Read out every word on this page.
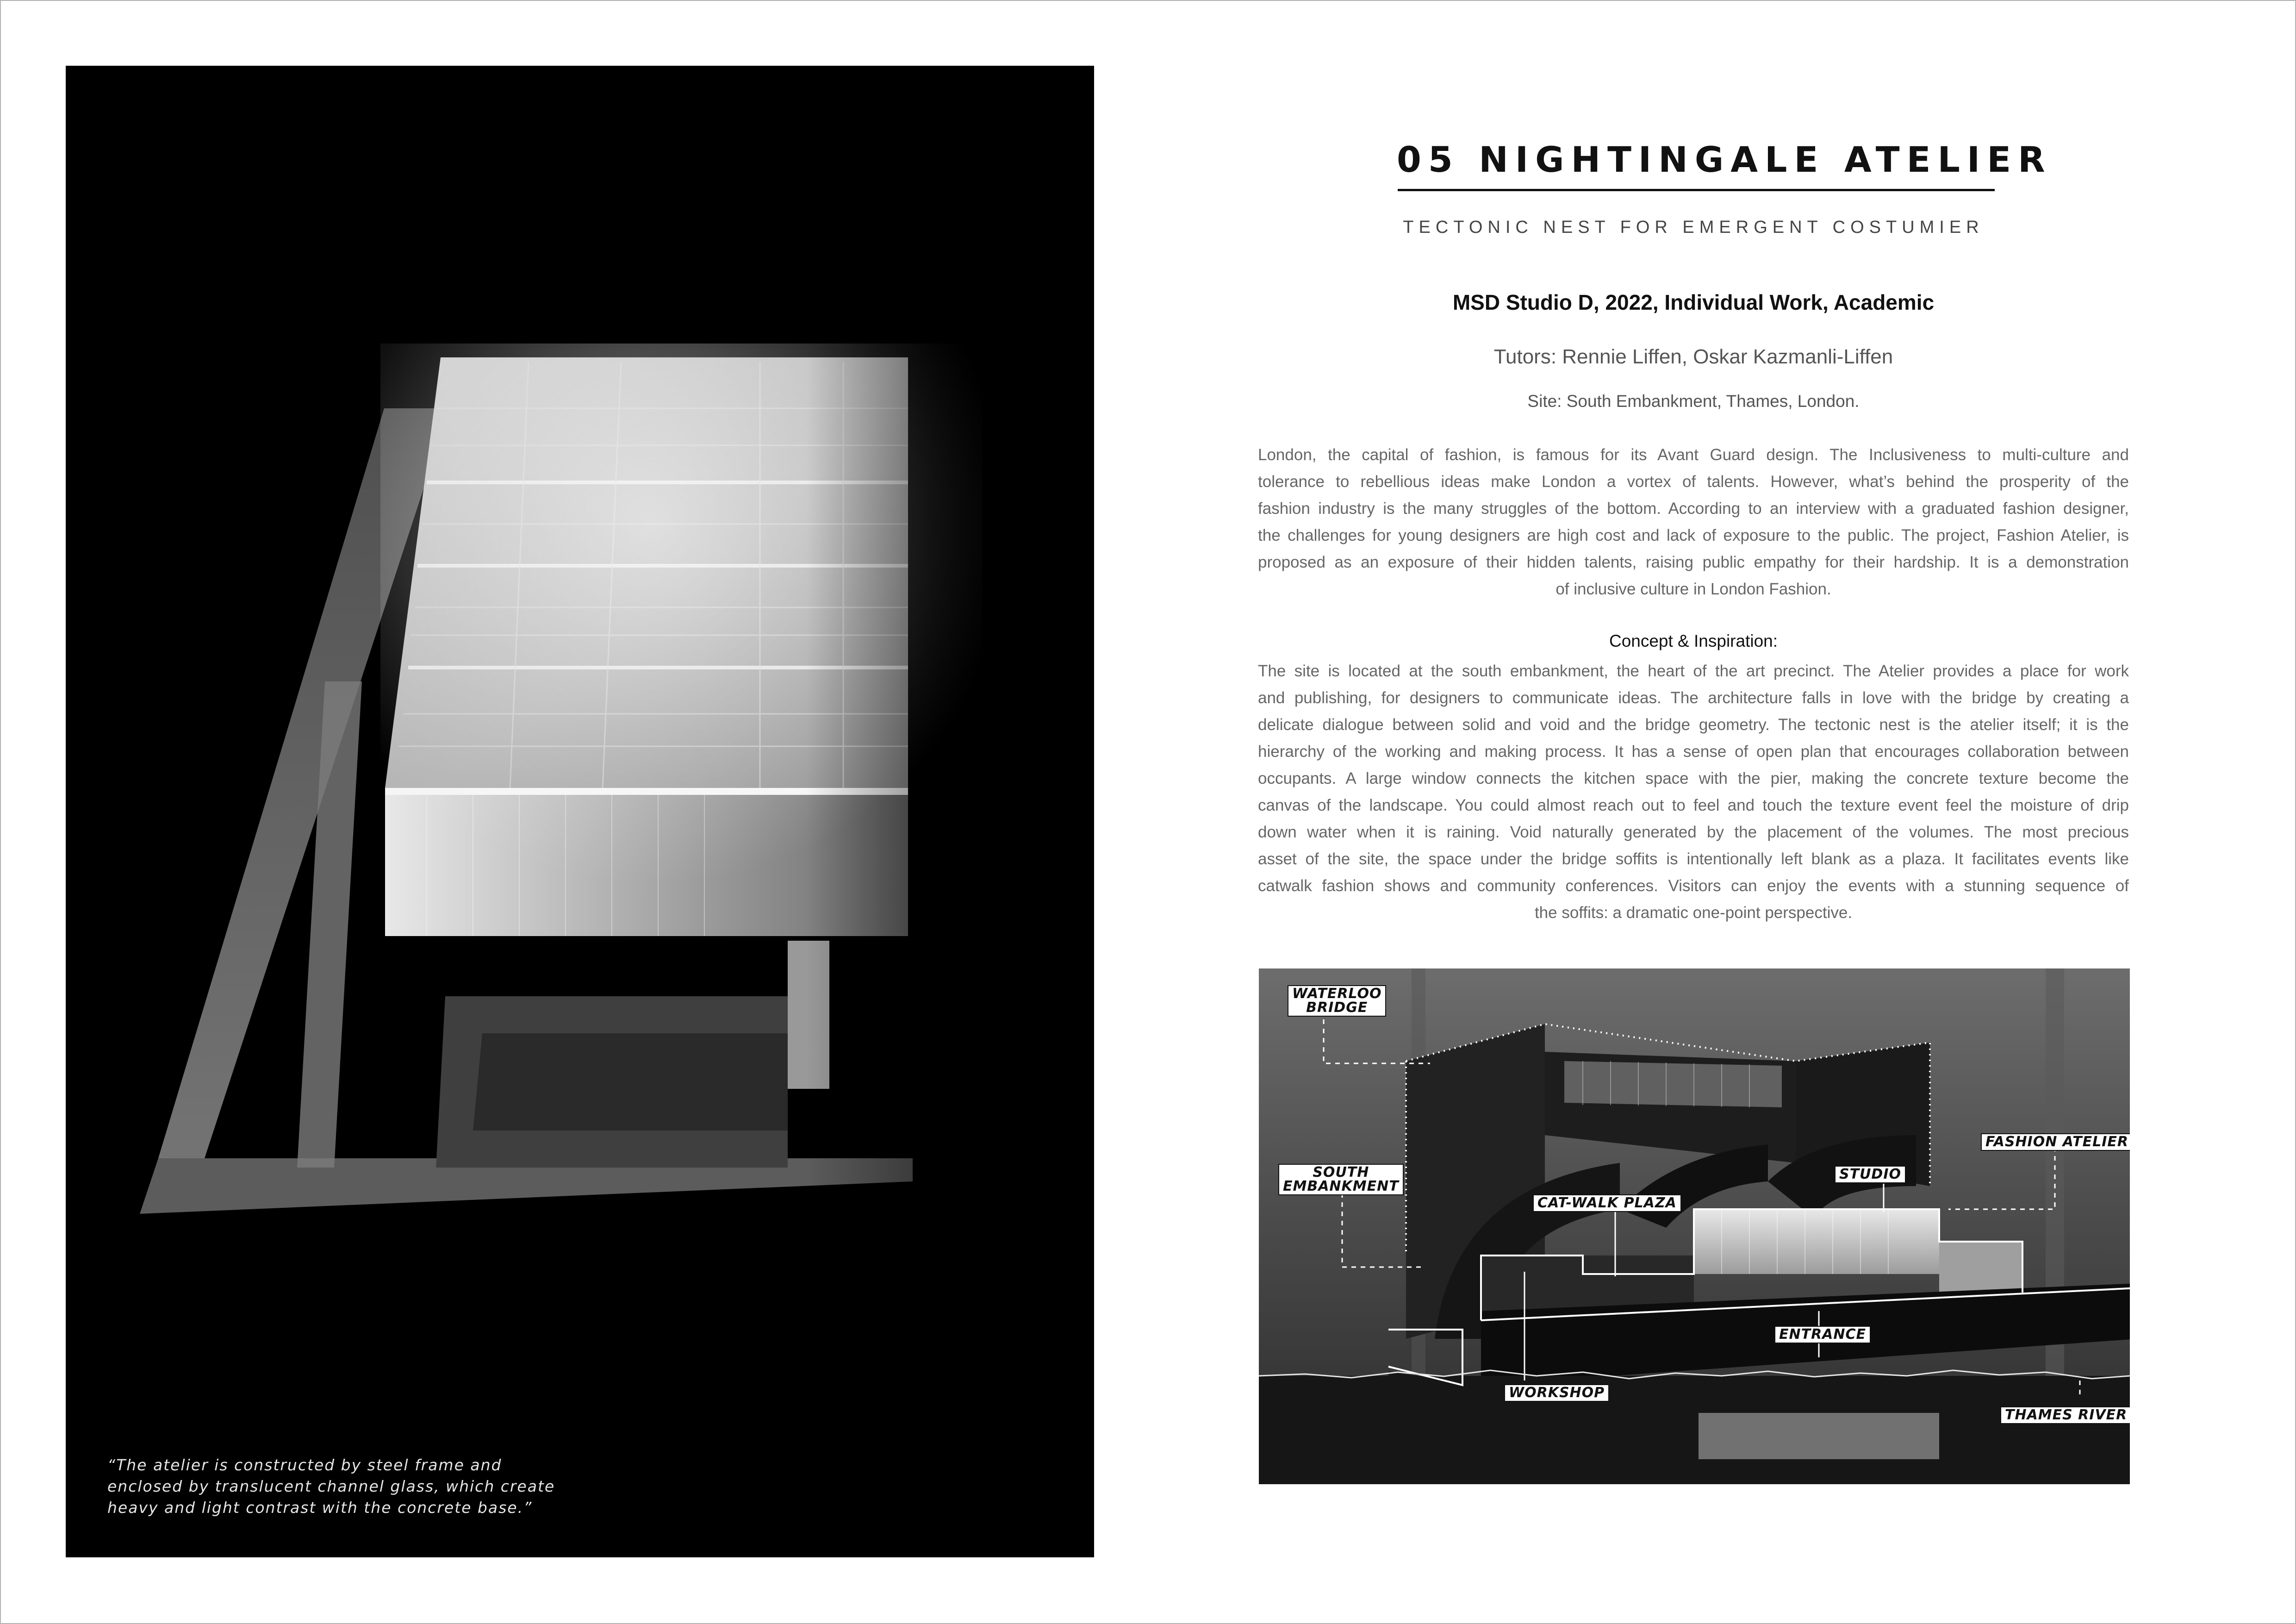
“The atelier is constructed by steel frame and
enclosed by translucent channel glass, which create
heavy and light contrast with the concrete base.”
05 NIGHTINGALE ATELIER
TECTONIC NEST FOR EMERGENT COSTUMIER
MSD Studio D, 2022, Individual Work, Academic
Tutors: Rennie Liffen, Oskar Kazmanli-Liffen
Site: South Embankment, Thames, London.
London, the capital of fashion, is famous for its Avant Guard design. The Inclusiveness to multi-culture and
tolerance to rebellious ideas make London a vortex of talents. However, what’s behind the prosperity of the
fashion industry is the many struggles of the bottom. According to an interview with a graduated fashion designer,
the challenges for young designers are high cost and lack of exposure to the public. The project, Fashion Atelier, is
proposed as an exposure of their hidden talents, raising public empathy for their hardship. It is a demonstration
of inclusive culture in London Fashion.
Concept & Inspiration:
The site is located at the south embankment, the heart of the art precinct. The Atelier provides a place for work
and publishing, for designers to communicate ideas. The architecture falls in love with the bridge by creating a
delicate dialogue between solid and void and the bridge geometry. The tectonic nest is the atelier itself; it is the
hierarchy of the working and making process. It has a sense of open plan that encourages collaboration between
occupants. A large window connects the kitchen space with the pier, making the concrete texture become the
canvas of the landscape. You could almost reach out to feel and touch the texture event feel the moisture of drip
down water when it is raining. Void naturally generated by the placement of the volumes. The most precious
asset of the site, the space under the bridge soffits is intentionally left blank as a plaza. It facilitates events like
catwalk fashion shows and community conferences. Visitors can enjoy the events with a stunning sequence of
the soffits: a dramatic one-point perspective.
WATERLOO
BRIDGE
SOUTH
EMBANKMENT
CAT-WALK PLAZA
STUDIO
FASHION ATELIER
ENTRANCE
WORKSHOP
THAMES RIVER
